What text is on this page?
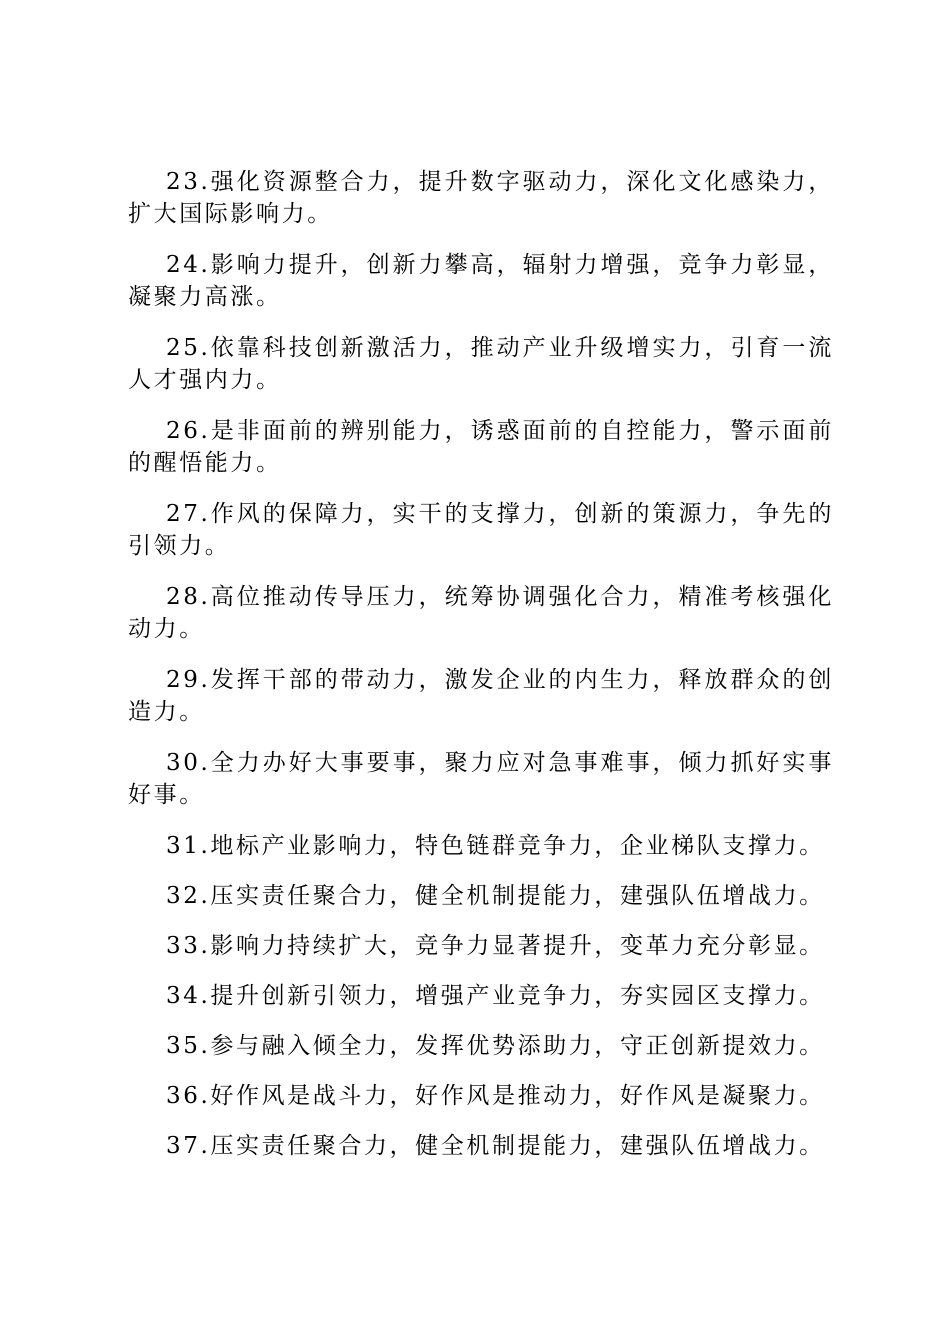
23.强化资源整合力，提升数字驱动力，深化文化感染力，扩大国际影响力。

24.影响力提升，创新力攀高，辐射力增强，竞争力彰显，凝聚力高涨。

25.依靠科技创新激活力，推动产业升级增实力，引育一流人才强内力。

26.是非面前的辨别能力，诱惑面前的自控能力，警示面前的醒悟能力。

27.作风的保障力，实干的支撑力，创新的策源力，争先的引领力。

28.高位推动传导压力，统筹协调强化合力，精准考核强化动力。

29.发挥干部的带动力，激发企业的内生力，释放群众的创造力。

30.全力办好大事要事，聚力应对急事难事，倾力抓好实事好事。

31.地标产业影响力，特色链群竞争力，企业梯队支撑力。

32.压实责任聚合力，健全机制提能力，建强队伍增战力。

33.影响力持续扩大，竞争力显著提升，变革力充分彰显。

34.提升创新引领力，增强产业竞争力，夯实园区支撑力。

35.参与融入倾全力，发挥优势添助力，守正创新提效力。

36.好作风是战斗力，好作风是推动力，好作风是凝聚力。

37.压实责任聚合力，健全机制提能力，建强队伍增战力。
